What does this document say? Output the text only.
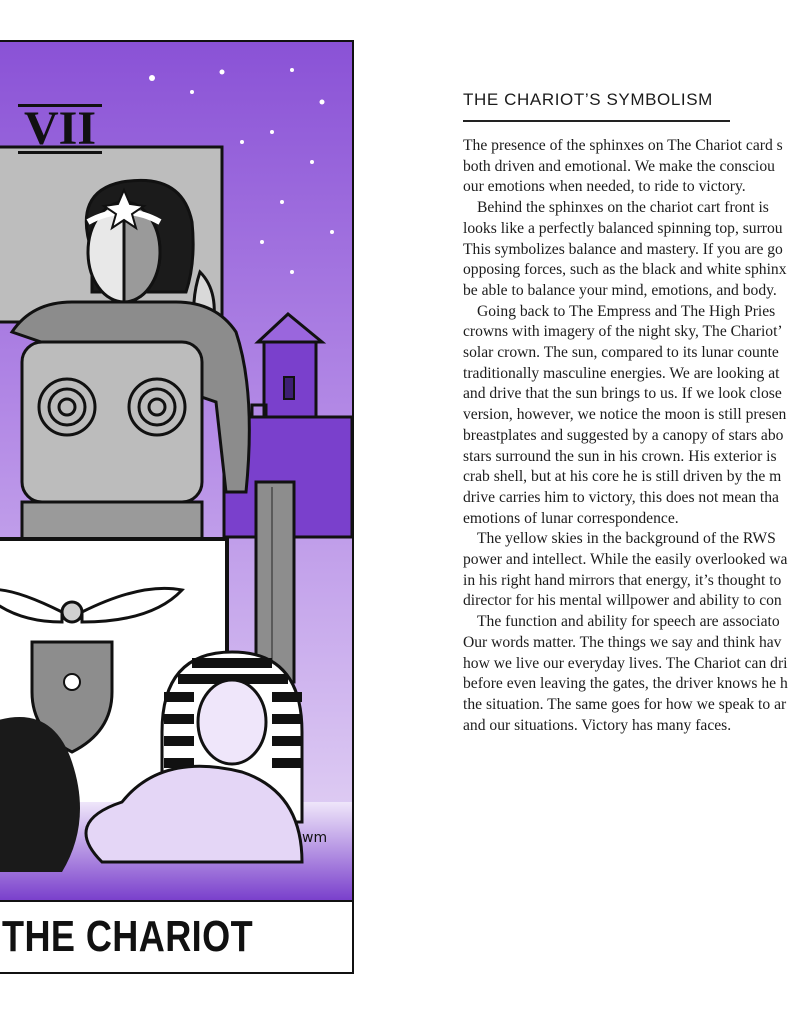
wm
VII
THE CHARIOT
THE CHARIOT’S SYMBOLISM
The presence of the sphinxes on The Chariot card s
both driven and emotional. We make the consciou
our emotions when needed, to ride to victory.
Behind the sphinxes on the chariot cart front is
looks like a perfectly balanced spinning top, surrou
This symbolizes balance and mastery. If you are go
opposing forces, such as the black and white sphinx
be able to balance your mind, emotions, and body.
Going back to The Empress and The High Pries
crowns with imagery of the night sky, The Chariot’
solar crown. The sun, compared to its lunar counte
traditionally masculine energies. We are looking at
and drive that the sun brings to us. If we look close
version, however, we notice the moon is still presen
breastplates and suggested by a canopy of stars abo
stars surround the sun in his crown. His exterior is
crab shell, but at his core he is still driven by the m
drive carries him to victory, this does not mean tha
emotions of lunar correspondence.
The yellow skies in the background of the RWS
power and intellect. While the easily overlooked wa
in his right hand mirrors that energy, it’s thought to
director for his mental willpower and ability to con
The function and ability for speech are associato
Our words matter. The things we say and think hav
how we live our everyday lives. The Chariot can dri
before even leaving the gates, the driver knows he h
the situation. The same goes for how we speak to ar
and our situations. Victory has many faces.
